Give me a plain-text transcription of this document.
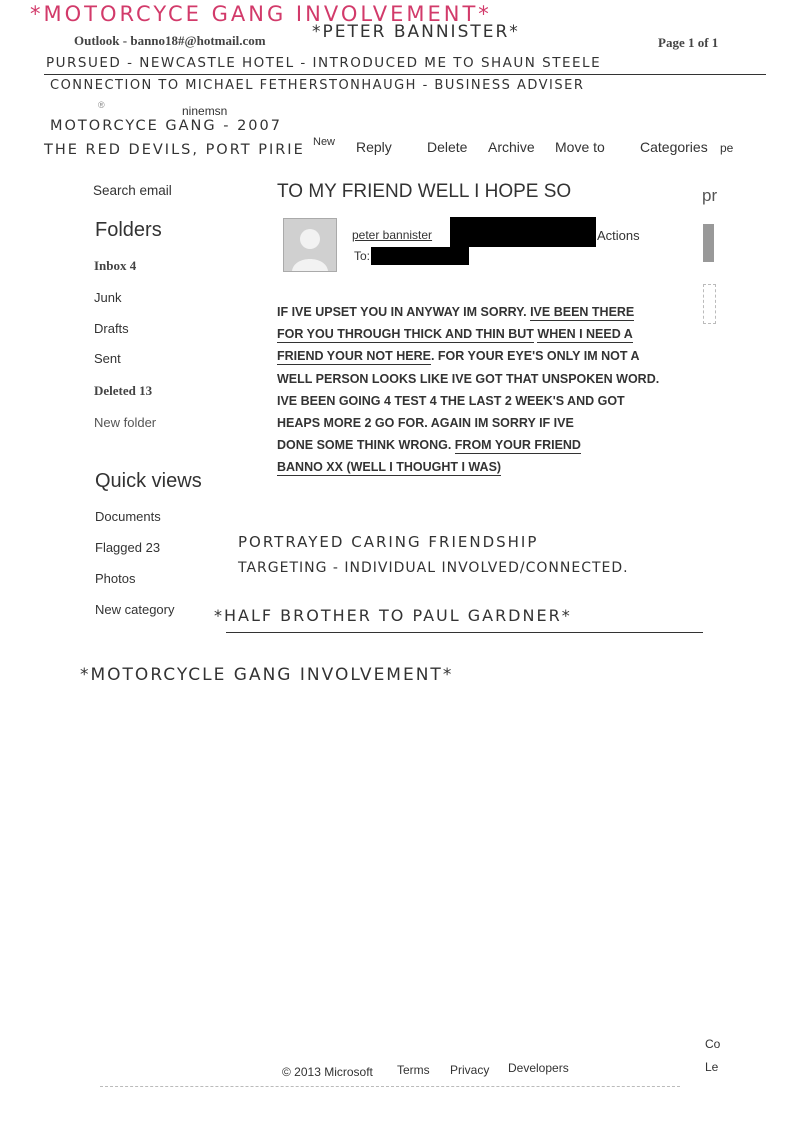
*MOTORCYCE GANG INVOLVEMENT*
Outlook - banno18#@hotmail.com	*PETER BANNISTER*
Page 1 of 1
PURSUED - NEWCASTLE HOTEL - INTRODUCED ME TO SHAUN STEELE
CONNECTION TO MICHAEL FETHERSTONHAUGH - BUSINESS ADVISER
®	ninemsn
MOTORCYCE GANG - 2007
THE RED DEVILS, PORT PIRIE New Reply	Delete Archive Move to	Categories pe
Search email
Folders
Inbox 4
Junk
Drafts
Sent
Deleted 13
New folder
Quick views
Documents
Flagged 23
Photos
New category
TO MY FRIEND WELL I HOPE SO	pr
peter bannister	Actions
To:
IF IVE UPSET YOU IN ANYWAY IM SORRY. IVE BEEN THERE
FOR YOU THROUGH THICK AND THIN BUT WHEN I NEED A
FRIEND YOUR NOT HERE. FOR YOUR EYE'S ONLY IM NOT A
WELL PERSON LOOKS LIKE IVE GOT THAT UNSPOKEN WORD.
IVE BEEN GOING 4 TEST 4 THE LAST 2 WEEK'S AND GOT
HEAPS MORE 2 GO FOR. AGAIN IM SORRY IF IVE
DONE SOME THINK WRONG. FROM YOUR FRIEND
BANNO XX (WELL I THOUGHT I WAS)
PORTRAYED CARING FRIENDSHIP
TARGETING - INDIVIDUAL INVOLVED/CONNECTED.
*HALF BROTHER TO PAUL GARDNER*
*MOTORCYCLE GANG INVOLVEMENT*
© 2013 Microsoft Terms Privacy Developers
Co
Le
